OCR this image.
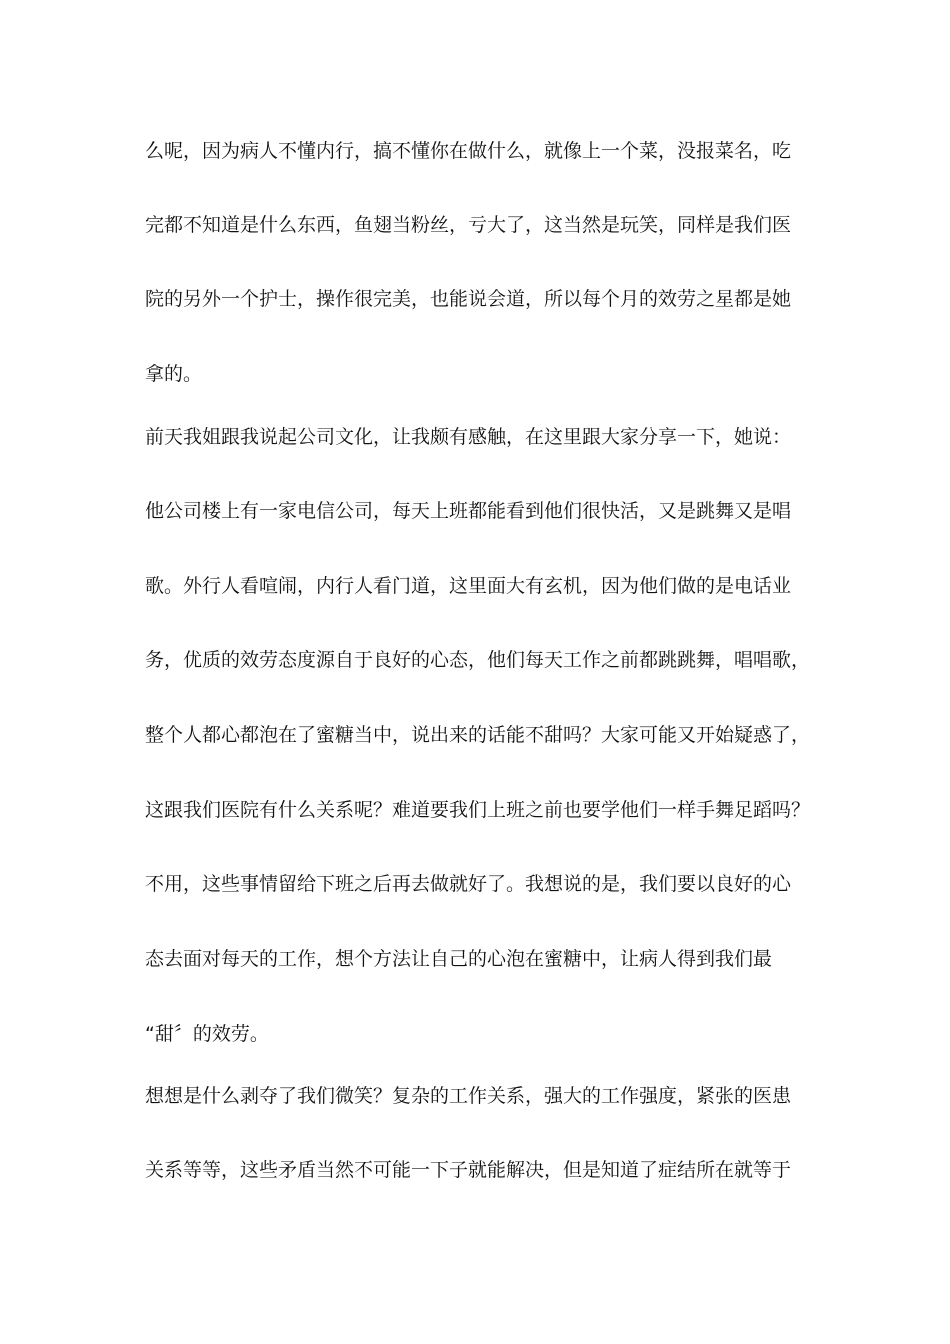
么呢，因为病人不懂内行，搞不懂你在做什么，就像上一个菜，没报菜名，吃
完都不知道是什么东西，鱼翅当粉丝，亏大了，这当然是玩笑，同样是我们医
院的另外一个护士，操作很完美，也能说会道，所以每个月的效劳之星都是她
拿的。
前天我姐跟我说起公司文化，让我颇有感触，在这里跟大家分享一下，她说：
他公司楼上有一家电信公司，每天上班都能看到他们很快活，又是跳舞又是唱
歌。外行人看喧闹，内行人看门道，这里面大有玄机，因为他们做的是电话业
务，优质的效劳态度源自于良好的心态，他们每天工作之前都跳跳舞，唱唱歌，
整个人都心都泡在了蜜糖当中，说出来的话能不甜吗？大家可能又开始疑惑了，
这跟我们医院有什么关系呢？难道要我们上班之前也要学他们一样手舞足蹈吗？
不用，这些事情留给下班之后再去做就好了。我想说的是，我们要以良好的心
态去面对每天的工作，想个方法让自己的心泡在蜜糖中，让病人得到我们最
“甜〞的效劳。
想想是什么剥夺了我们微笑？复杂的工作关系，强大的工作强度，紧张的医患
关系等等，这些矛盾当然不可能一下子就能解决，但是知道了症结所在就等于
